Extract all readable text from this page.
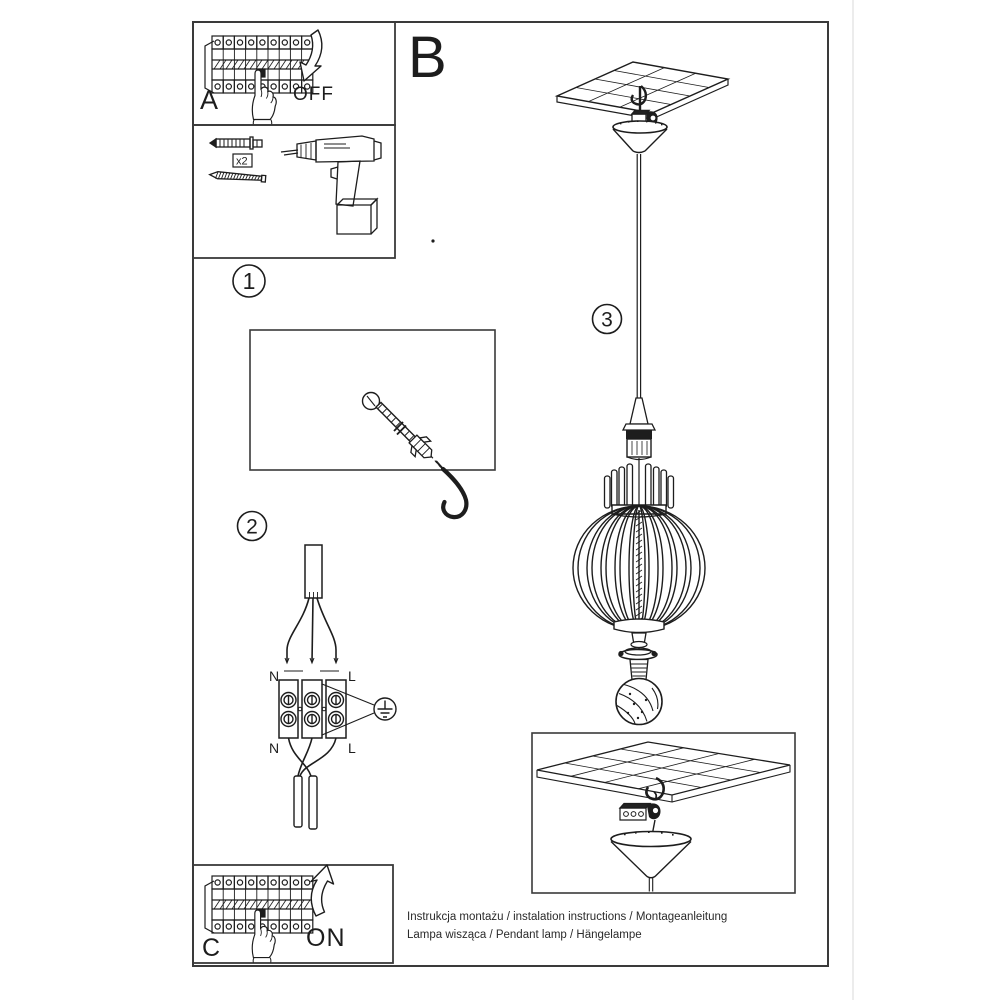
A	OFF
x2
1
2
N	L
N	L
B
3
C	ON
Instrukcja montażu / instalation instructions / Montageanleitung
Lampa wisząca / Pendant lamp / Hängelampe
